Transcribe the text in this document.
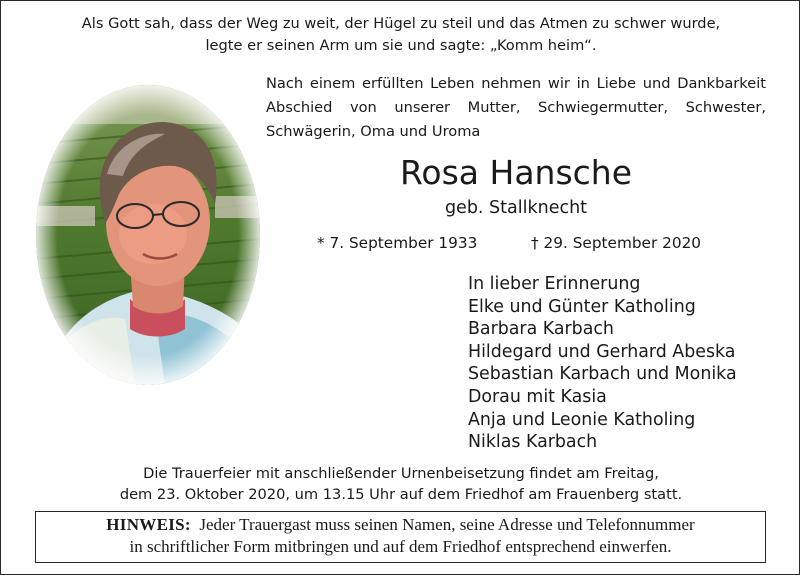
Als Gott sah, dass der Weg zu weit, der Hügel zu steil und das Atmen zu schwer wurde,
legte er seinen Arm um sie und sagte: „Komm heim“.
Nach einem erfüllten Leben nehmen wir in Liebe und Dankbarkeit Abschied von unserer Mutter, Schwiegermutter, Schwester, Schwägerin, Oma und Uroma
Rosa Hansche
geb. Stallknecht
* 7. September 1933	† 29. September 2020
In lieber Erinnerung
Elke und Günter Katholing
Barbara Karbach
Hildegard und Gerhard Abeska
Sebastian Karbach und Monika
Dorau mit Kasia
Anja und Leonie Katholing
Niklas Karbach
Die Trauerfeier mit anschließender Urnenbeisetzung findet am Freitag,
dem 23. Oktober 2020, um 13.15 Uhr auf dem Friedhof am Frauenberg statt.
HINWEIS: Jeder Trauergast muss seinen Namen, seine Adresse und Telefonnummer
in schriftlicher Form mitbringen und auf dem Friedhof entsprechend einwerfen.
